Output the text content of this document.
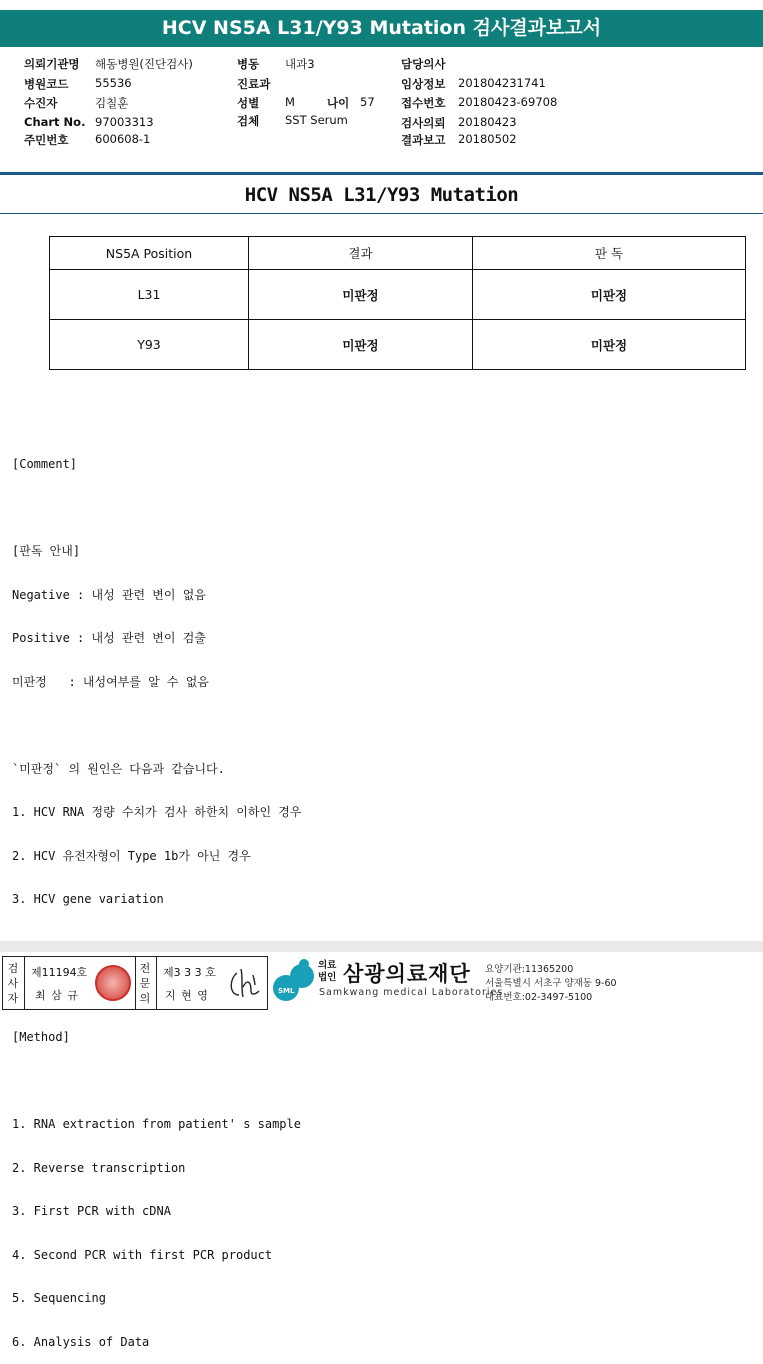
HCV NS5A L31/Y93 Mutation 검사결과보고서
의뢰기관명 해동병원(진단검사)
병원코드 55536
수진자	김칠훈
Chart No. 97003313
주민번호 600608-1
병동 내과3
진료과
성별 M	나이 57
검체 SST Serum
담당의사
임상정보 201804231741
접수번호 20180423-69708
검사의뢰 20180423
결과보고 20180502
HCV NS5A L31/Y93 Mutation
NS5A Position	결과	판 독
L31	미판정	미판정
Y93	미판정	미판정

[Comment]

[판독 안내]

Negative : 내성 관련 변이 없음

Positive : 내성 관련 변이 검출

미판정   : 내성여부를 알 수 없음

`미판정` 의 원인은 다음과 같습니다.

1. HCV RNA 정량 수치가 검사 하한치 이하인 경우

2. HCV 유전자형이 Type 1b가 아닌 경우

3. HCV gene variation

[Method]

1. RNA extraction from patient' s sample

2. Reverse transcription

3. First PCR with cDNA

4. Second PCR with first PCR product

5. Sequencing

6. Analysis of Data

검
사
자
제11194호
최 삼 규
전
문
의
제3 3 3 호
지 현 영	SML
의료
법인 삼광의료재단
Samkwang medical Laboratories
요양기관:11365200
서울특별시 서초구 양재동 9-60
대표번호:02-3497-5100
